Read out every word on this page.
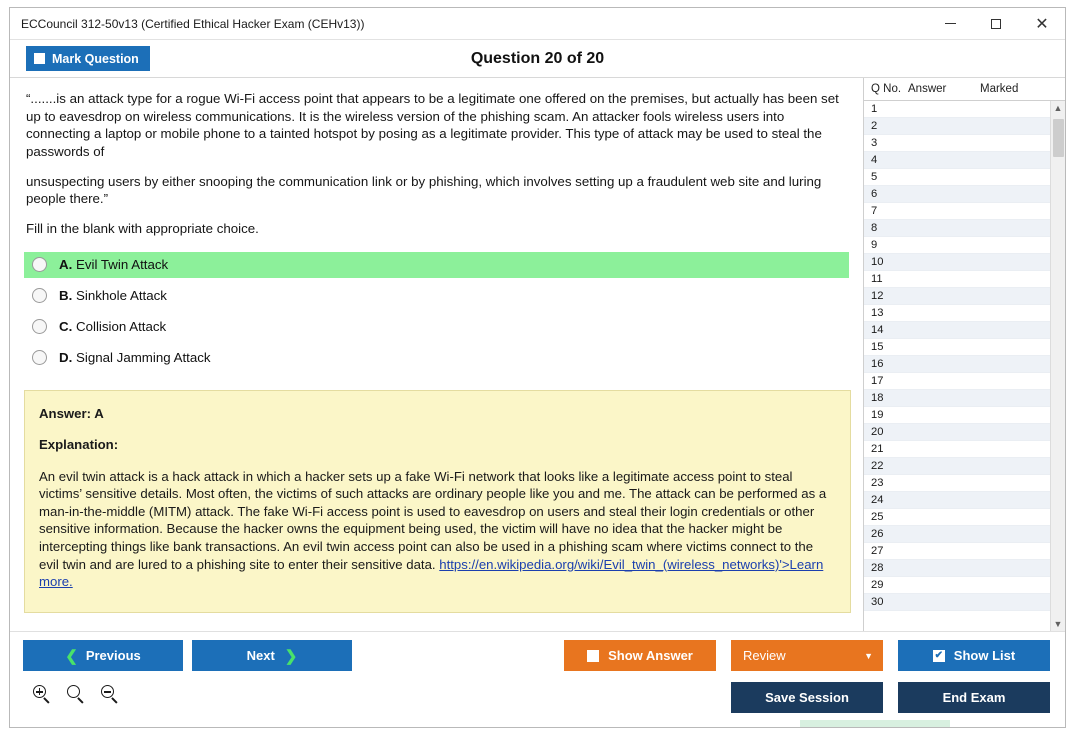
ECCouncil 312-50v13 (Certified Ethical Hacker Exam (CEHv13))	✕
Mark Question	Question 20 of 20

“.......is an attack type for a rogue Wi-Fi access point that appears to be a legitimate one offered on the premises, but actually has been set up to eavesdrop on wireless communications. It is the wireless version of the phishing scam. An attacker fools wireless users into connecting a laptop or mobile phone to a tainted hotspot by posing as a legitimate provider. This type of attack may be used to steal the passwords of

unsuspecting users by either snooping the communication link or by phishing, which involves setting up a fraudulent web site and luring people there.”

Fill in the blank with appropriate choice.

A. Evil Twin Attack
B. Sinkhole Attack
C. Collision Attack
D. Signal Jamming Attack

Answer: A

Explanation:

An evil twin attack is a hack attack in which a hacker sets up a fake Wi-Fi network that looks like a legitimate access point to steal victims’ sensitive details. Most often, the victims of such attacks are ordinary people like you and me. The attack can be performed as a man-in-the-middle (MITM) attack. The fake Wi-Fi access point is used to eavesdrop on users and steal their login credentials or other sensitive information. Because the hacker owns the equipment being used, the victim will have no idea that the hacker might be intercepting things like bank transactions. An evil twin access point can also be used in a phishing scam where victims connect to the evil twin and are lured to a phishing site to enter their sensitive data. https://en.wikipedia.org/wiki/Evil_twin_(wireless_networks)'>Learn more.

Q No. Answer	Marked
1
2
3
4
5
6
7
8
9
10
11
12
13
14
15
16
17
18
19
20
21
22
23
24
25
26
27
28
29
30
▲
▼
❮ Previous	Next ❯	Show Answer	Review	▼	✔ Show List
Save Session	End Exam
